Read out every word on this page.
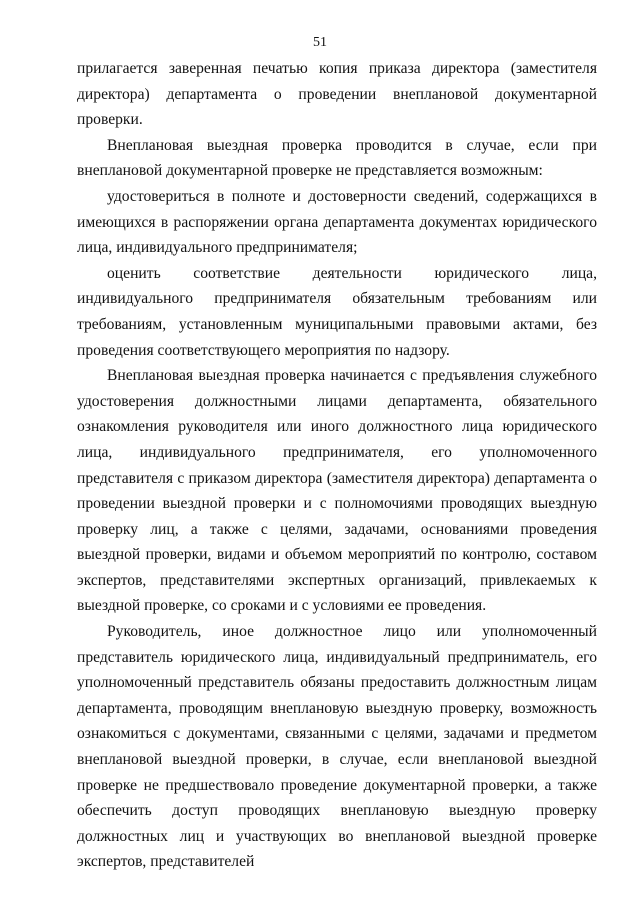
51

прилагается заверенная печатью копия приказа директора (заместителя директора) департамента о проведении внеплановой документарной проверки.

Внеплановая выездная проверка проводится в случае, если при внеплановой документарной проверке не представляется возможным:

удостовериться в полноте и достоверности сведений, содержащихся в имеющихся в распоряжении органа департамента документах юридического лица, индивидуального предпринимателя;

оценить соответствие деятельности юридического лица, индивидуального предпринимателя обязательным требованиям или требованиям, установленным муниципальными правовыми актами, без проведения соответствующего мероприятия по надзору.

Внеплановая выездная проверка начинается с предъявления служебного удостоверения должностными лицами департамента, обязательного ознакомления руководителя или иного должностного лица юридического лица, индивидуального предпринимателя, его уполномоченного представителя с приказом директора (заместителя директора) департамента о проведении выездной проверки и с полномочиями проводящих выездную проверку лиц, а также с целями, задачами, основаниями проведения выездной проверки, видами и объемом мероприятий по контролю, составом экспертов, представителями экспертных организаций, привлекаемых к выездной проверке, со сроками и с условиями ее проведения.

Руководитель, иное должностное лицо или уполномоченный представитель юридического лица, индивидуальный предприниматель, его уполномоченный представитель обязаны предоставить должностным лицам департамента, проводящим внеплановую выездную проверку, возможность ознакомиться с документами, связанными с целями, задачами и предметом внеплановой выездной проверки, в случае, если внеплановой выездной проверке не предшествовало проведение документарной проверки, а также обеспечить доступ проводящих внеплановую выездную проверку должностных лиц и участвующих во внеплановой выездной проверке экспертов, представителей
